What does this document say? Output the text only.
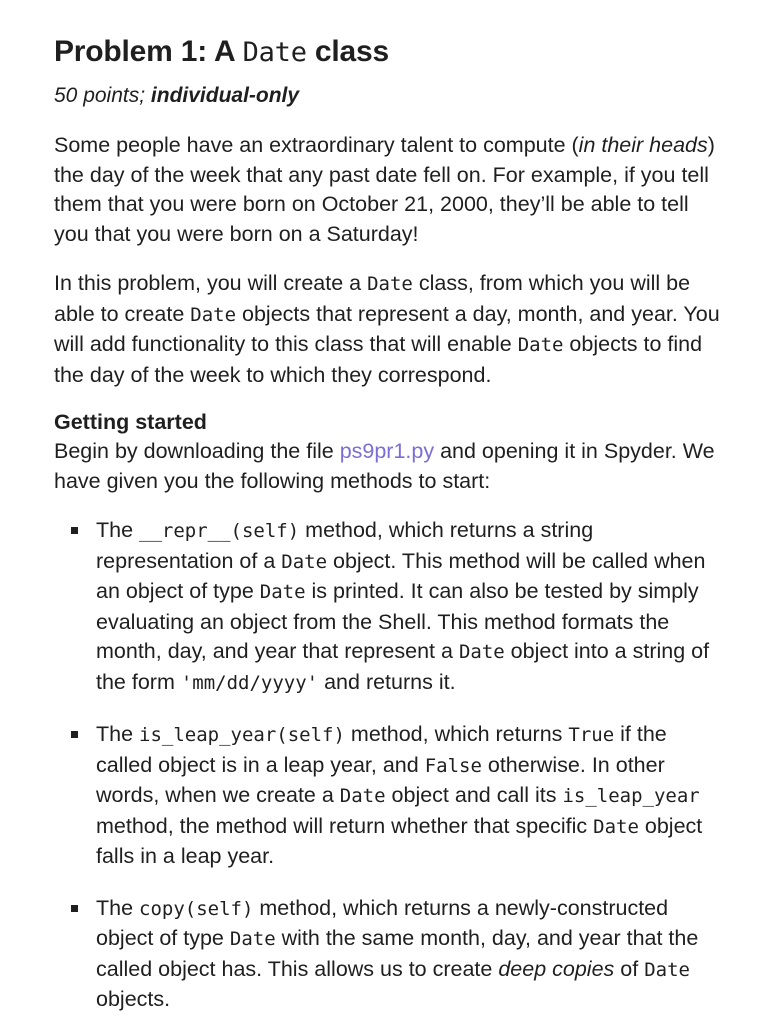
Problem 1: A Date class
50 points; individual-only

Some people have an extraordinary talent to compute (in their heads) the day of the week that any past date fell on. For example, if you tell them that you were born on October 21, 2000, they’ll be able to tell you that you were born on a Saturday!

In this problem, you will create a Date class, from which you will be able to create Date objects that represent a day, month, and year. You will add functionality to this class that will enable Date objects to find the day of the week to which they correspond.

Getting started

Begin by downloading the file ps9pr1.py and opening it in Spyder. We have given you the following methods to start:

The __repr__(self) method, which returns a string representation of a Date object. This method will be called when an object of type Date is printed. It can also be tested by simply evaluating an object from the Shell. This method formats the month, day, and year that represent a Date object into a string of the form 'mm/dd/yyyy' and returns it.
The is_leap_year(self) method, which returns True if the called object is in a leap year, and False otherwise. In other words, when we create a Date object and call its is_leap_year method, the method will return whether that specific Date object falls in a leap year.
The copy(self) method, which returns a newly-constructed object of type Date with the same month, day, and year that the called object has. This allows us to create deep copies of Date objects.
